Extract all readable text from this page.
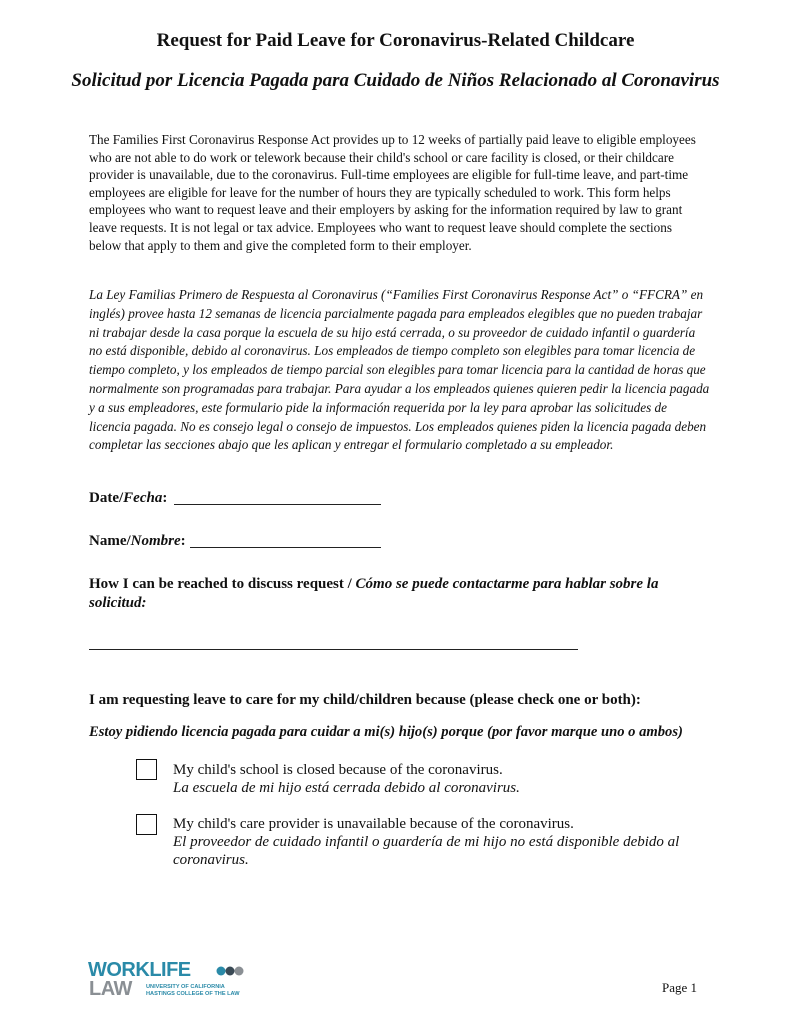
Request for Paid Leave for Coronavirus-Related Childcare
Solicitud por Licencia Pagada para Cuidado de Niños Relacionado al Coronavirus
The Families First Coronavirus Response Act provides up to 12 weeks of partially paid leave to eligible employees who are not able to do work or telework because their child's school or care facility is closed, or their childcare provider is unavailable, due to the coronavirus. Full-time employees are eligible for full-time leave, and part-time employees are eligible for leave for the number of hours they are typically scheduled to work. This form helps employees who want to request leave and their employers by asking for the information required by law to grant leave requests. It is not legal or tax advice. Employees who want to request leave should complete the sections below that apply to them and give the completed form to their employer.
La Ley Familias Primero de Respuesta al Coronavirus (“Families First Coronavirus Response Act” o “FFCRA” en inglés) provee hasta 12 semanas de licencia parcialmente pagada para empleados elegibles que no pueden trabajar ni trabajar desde la casa porque la escuela de su hijo está cerrada, o su proveedor de cuidado infantil o guardería no está disponible, debido al coronavirus. Los empleados de tiempo completo son elegibles para tomar licencia de tiempo completo, y los empleados de tiempo parcial son elegibles para tomar licencia para la cantidad de horas que normalmente son programadas para trabajar. Para ayudar a los empleados quienes quieren pedir la licencia pagada y a sus empleadores, este formulario pide la información requerida por la ley para aprobar las solicitudes de licencia pagada. No es consejo legal o consejo de impuestos. Los empleados quienes piden la licencia pagada deben completar las secciones abajo que les aplican y entregar el formulario completado a su empleador.
Date/Fecha:
Name/Nombre:
How I can be reached to discuss request / Cómo se puede contactarme para hablar sobre la solicitud:
I am requesting leave to care for my child/children because (please check one or both):
Estoy pidiendo licencia pagada para cuidar a mi(s) hijo(s) porque (por favor marque uno o ambos)
My child's school is closed because of the coronavirus.
La escuela de mi hijo está cerrada debido al coronavirus.
My child's care provider is unavailable because of the coronavirus.
El proveedor de cuidado infantil o guardería de mi hijo no está disponible debido al coronavirus.
WORKLIFE
LAW	UNIVERSITY OF CALIFORNIA
HASTINGS COLLEGE OF THE LAW	Page 1
